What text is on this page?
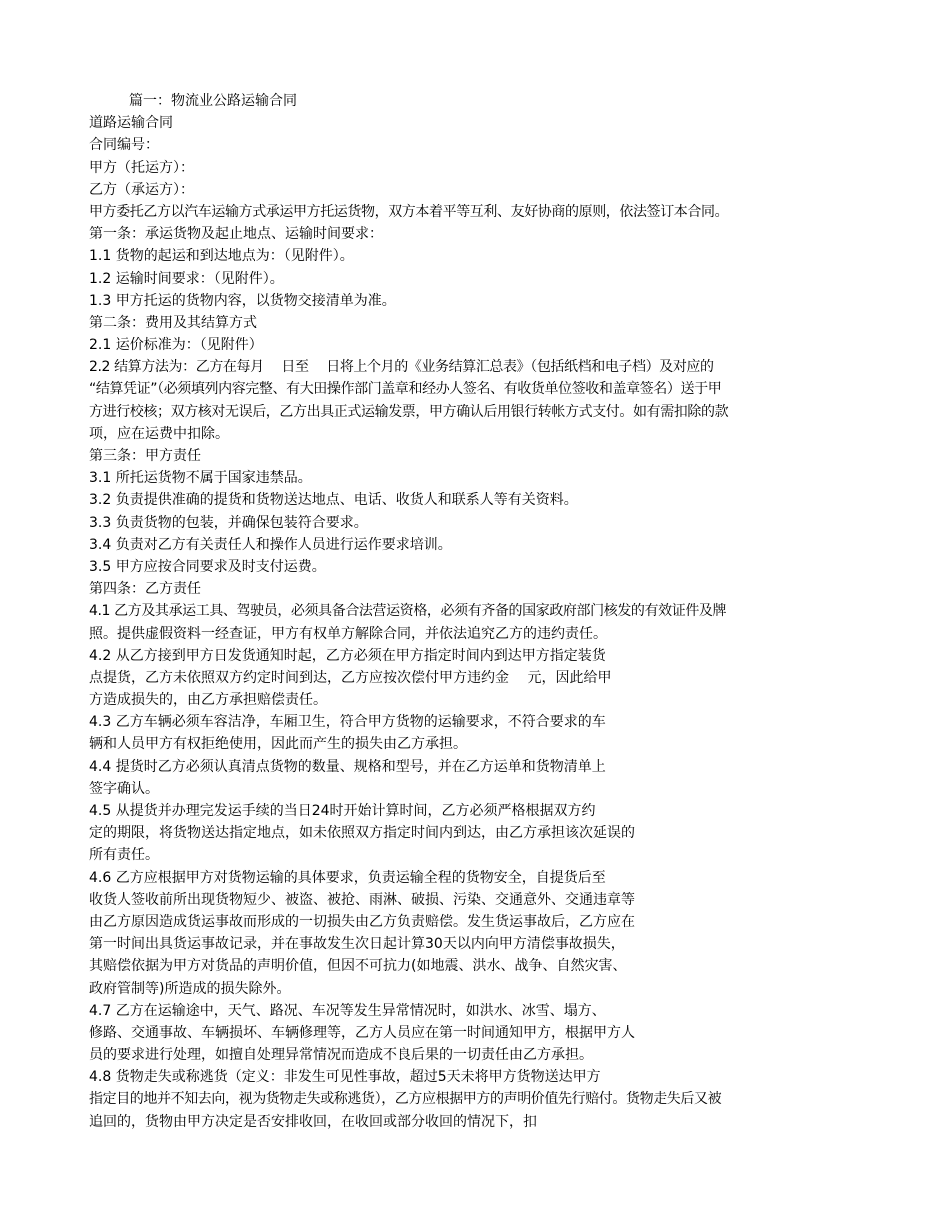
篇一：物流业公路运输合同
道路运输合同
合同编号：
甲方（托运方）：
乙方（承运方）：
甲方委托乙方以汽车运输方式承运甲方托运货物，双方本着平等互利、友好协商的原则，依法签订本合同。
第一条：承运货物及起止地点、运输时间要求：
1.1 货物的起运和到达地点为：（见附件）。
1.2 运输时间要求：（见附件）。
1.3 甲方托运的货物内容，以货物交接清单为准。
第二条：费用及其结算方式
2.1 运价标准为：（见附件）
2.2 结算方法为：乙方在每月　 日至　 日将上个月的《业务结算汇总表》（包括纸档和电子档）及对应的
“结算凭证”（必须填列内容完整、有大田操作部门盖章和经办人签名、有收货单位签收和盖章签名）送于甲
方进行校核；双方核对无误后，乙方出具正式运输发票，甲方确认后用银行转帐方式支付。如有需扣除的款
项，应在运费中扣除。
第三条：甲方责任
3.1 所托运货物不属于国家违禁品。
3.2 负责提供准确的提货和货物送达地点、电话、收货人和联系人等有关资料。
3.3 负责货物的包装，并确保包装符合要求。
3.4 负责对乙方有关责任人和操作人员进行运作要求培训。
3.5 甲方应按合同要求及时支付运费。
第四条：乙方责任
4.1 乙方及其承运工具、驾驶员，必须具备合法营运资格，必须有齐备的国家政府部门核发的有效证件及牌
照。提供虚假资料一经查证，甲方有权单方解除合同，并依法追究乙方的违约责任。
4.2 从乙方接到甲方日发货通知时起，乙方必须在甲方指定时间内到达甲方指定装货
点提货，乙方未依照双方约定时间到达，乙方应按次偿付甲方违约金　 元，因此给甲
方造成损失的，由乙方承担赔偿责任。
4.3 乙方车辆必须车容洁净，车厢卫生，符合甲方货物的运输要求，不符合要求的车
辆和人员甲方有权拒绝使用，因此而产生的损失由乙方承担。
4.4 提货时乙方必须认真清点货物的数量、规格和型号，并在乙方运单和货物清单上
签字确认。
4.5 从提货并办理完发运手续的当日24时开始计算时间，乙方必须严格根据双方约
定的期限，将货物送达指定地点，如未依照双方指定时间内到达，由乙方承担该次延误的
所有责任。
4.6 乙方应根据甲方对货物运输的具体要求，负责运输全程的货物安全，自提货后至
收货人签收前所出现货物短少、被盗、被抢、雨淋、破损、污染、交通意外、交通违章等
由乙方原因造成货运事故而形成的一切损失由乙方负责赔偿。发生货运事故后，乙方应在
第一时间出具货运事故记录，并在事故发生次日起计算30天以内向甲方清偿事故损失，
其赔偿依据为甲方对货品的声明价值，但因不可抗力(如地震、洪水、战争、自然灾害、
政府管制等)所造成的损失除外。
4.7 乙方在运输途中，天气、路况、车况等发生异常情况时，如洪水、冰雪、塌方、
修路、交通事故、车辆损坏、车辆修理等，乙方人员应在第一时间通知甲方，根据甲方人
员的要求进行处理，如擅自处理异常情况而造成不良后果的一切责任由乙方承担。
4.8 货物走失或称逃货（定义：非发生可见性事故，超过5天未将甲方货物送达甲方
指定目的地并不知去向，视为货物走失或称逃货），乙方应根据甲方的声明价值先行赔付。货物走失后又被
追回的，货物由甲方决定是否安排收回，在收回或部分收回的情况下，扣
